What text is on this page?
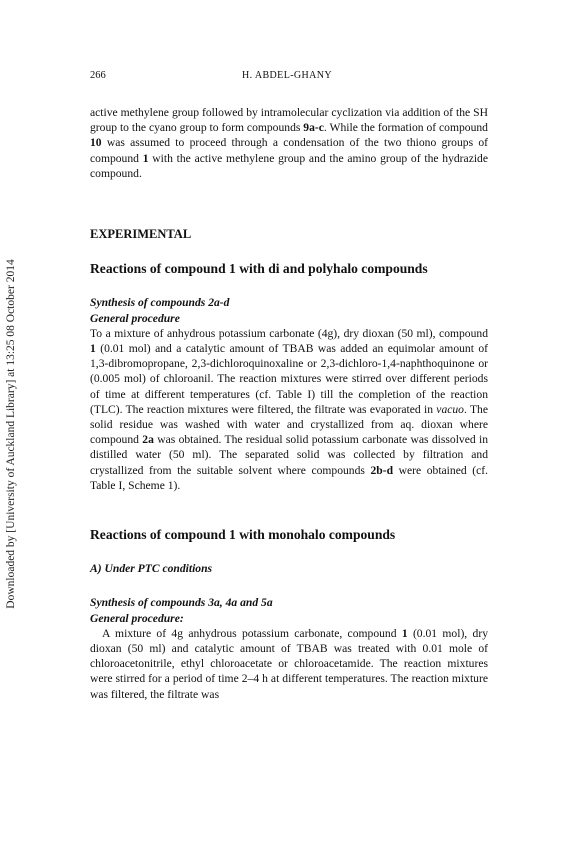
Downloaded by [University of Auckland Library] at 13:25 08 October 2014
266	H. ABDEL-GHANY

active methylene group followed by intramolecular cyclization via addition of the SH group to the cyano group to form compounds 9a-c. While the formation of compound 10 was assumed to proceed through a condensation of the two thiono groups of compound 1 with the active methylene group and the amino group of the hydrazide compound.

EXPERIMENTAL
Reactions of compound 1 with di and polyhalo compounds

Synthesis of compounds 2a-d

General procedure

To a mixture of anhydrous potassium carbonate (4g), dry dioxan (50 ml), compound 1 (0.01 mol) and a catalytic amount of TBAB was added an equimolar amount of 1,3-dibromopropane, 2,3-dichloroquinoxaline or 2,3-dichloro-1,4-naphthoquinone or (0.005 mol) of chloroanil. The reaction mixtures were stirred over different periods of time at different temperatures (cf. Table I) till the completion of the reaction (TLC). The reaction mixtures were filtered, the filtrate was evaporated in vacuo. The solid residue was washed with water and crystallized from aq. dioxan where compound 2a was obtained. The residual solid potassium carbonate was dissolved in distilled water (50 ml). The separated solid was collected by filtration and crystallized from the suitable solvent where compounds 2b-d were obtained (cf. Table I, Scheme 1).

Reactions of compound 1 with monohalo compounds

A) Under PTC conditions

Synthesis of compounds 3a, 4a and 5a

General procedure:

A mixture of 4g anhydrous potassium carbonate, compound 1 (0.01 mol), dry dioxan (50 ml) and catalytic amount of TBAB was treated with 0.01 mole of chloroacetonitrile, ethyl chloroacetate or chloroacetamide. The reaction mixtures were stirred for a period of time 2–4 h at different temperatures. The reaction mixture was filtered, the filtrate was
